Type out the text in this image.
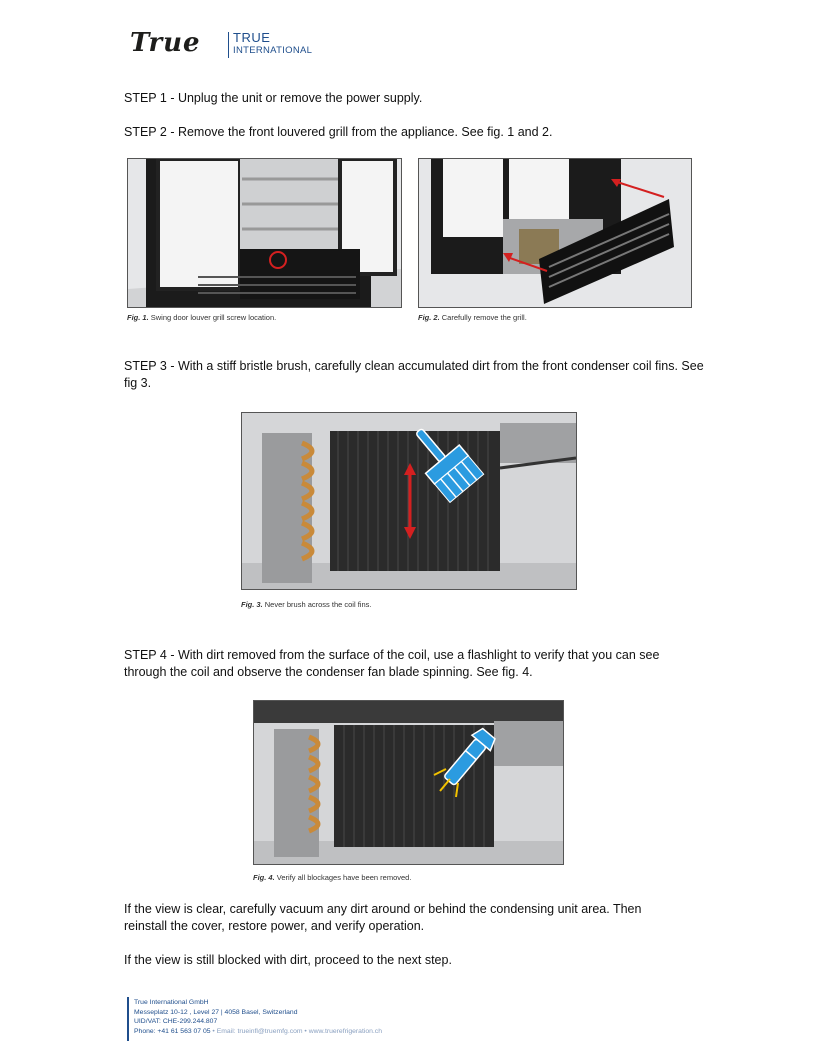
True TRUE
INTERNATIONAL
STEP 1 - Unplug the unit or remove the power supply.
STEP 2 - Remove the front louvered grill from the appliance. See fig. 1 and 2.
Fig. 1. Swing door louver grill screw location.	Fig. 2. Carefully remove the grill.
STEP 3 - With a stiff bristle brush, carefully clean accumulated dirt from the front condenser coil fins. See fig 3.
Fig. 3. Never brush across the coil fins.
STEP 4 - With dirt removed from the surface of the coil, use a flashlight to verify that you can see through the coil and observe the condenser fan blade spinning. See fig. 4.
Fig. 4. Verify all blockages have been removed.
If the view is clear, carefully vacuum any dirt around or behind the condensing unit area. Then reinstall the cover, restore power, and verify operation.
If the view is still blocked with dirt, proceed to the next step.
True International GmbH
Messeplatz 10-12 , Level 27 | 4058 Basel, Switzerland
UID/VAT: CHE-299.244.807
Phone: +41 61 563 07 05 • Email: trueinfl@truemfg.com • www.truerefrigeration.ch
